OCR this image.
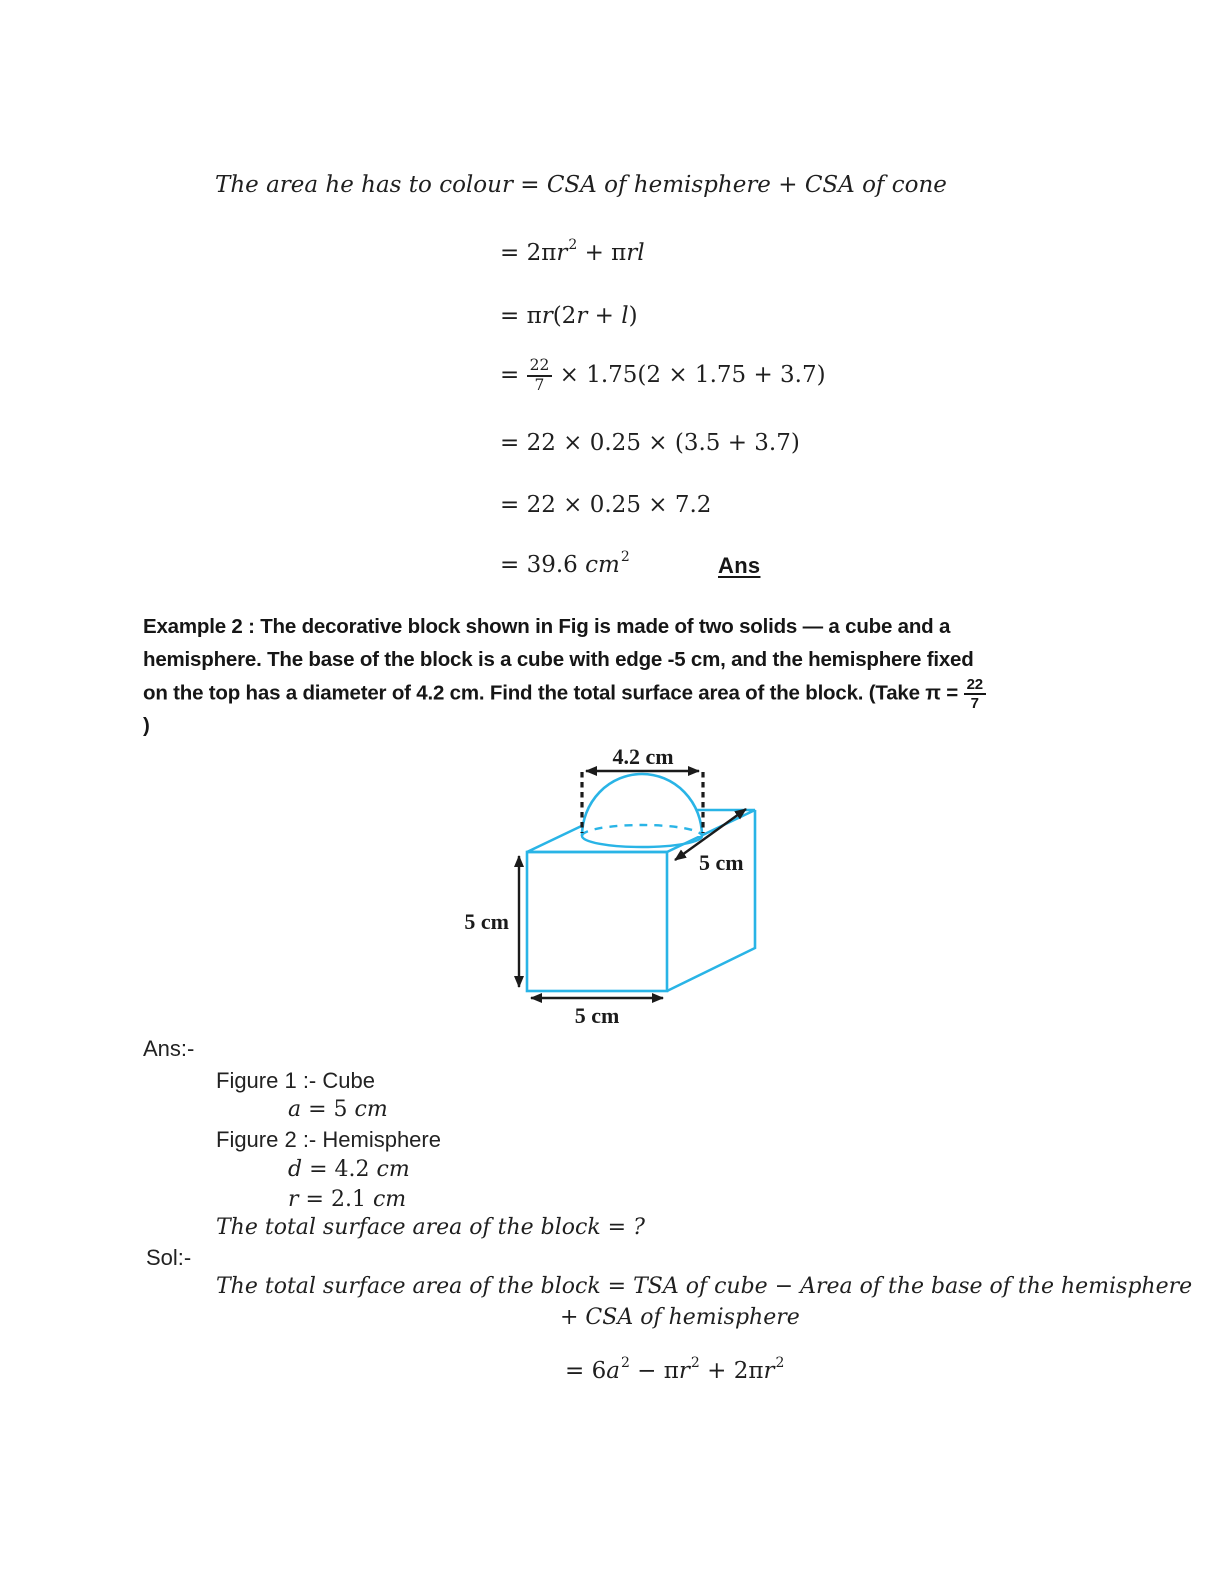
The area he has to colour = CSA of hemisphere + CSA of cone
= $2\pi r^2 + \pi rl$
= πr(2r + l)
= $\frac{22}{7} \times 1.75(2 \times 1.75 + 3.7)$
= 22 × 0.25 × (3.5 + 3.7)
= 22 × 0.25 × 7.2
= 39.6 $cm^2$	Ans
Example 2 : The decorative block shown in Fig is made of two solids — a cube and a
hemisphere. The base of the block is a cube with edge -5 cm, and the hemisphere fixed
on the top has a diameter of 4.2 cm. Find the total surface area of the block. (Take $\pi = \frac{22}{7}$
)
4.2 cm
5 cm
5 cm
5 cm
Ans:-
Figure 1 :- Cube
a = 5 cm
Figure 2 :- Hemisphere
d = 4.2 cm
r = 2.1 cm
The total surface area of the block = ?
Sol:-
The total surface area of the block = TSA of cube − Area of the base of the hemisphere
+ CSA of hemisphere
= $6a^2 - \pi r^2 + 2\pi r^2$
